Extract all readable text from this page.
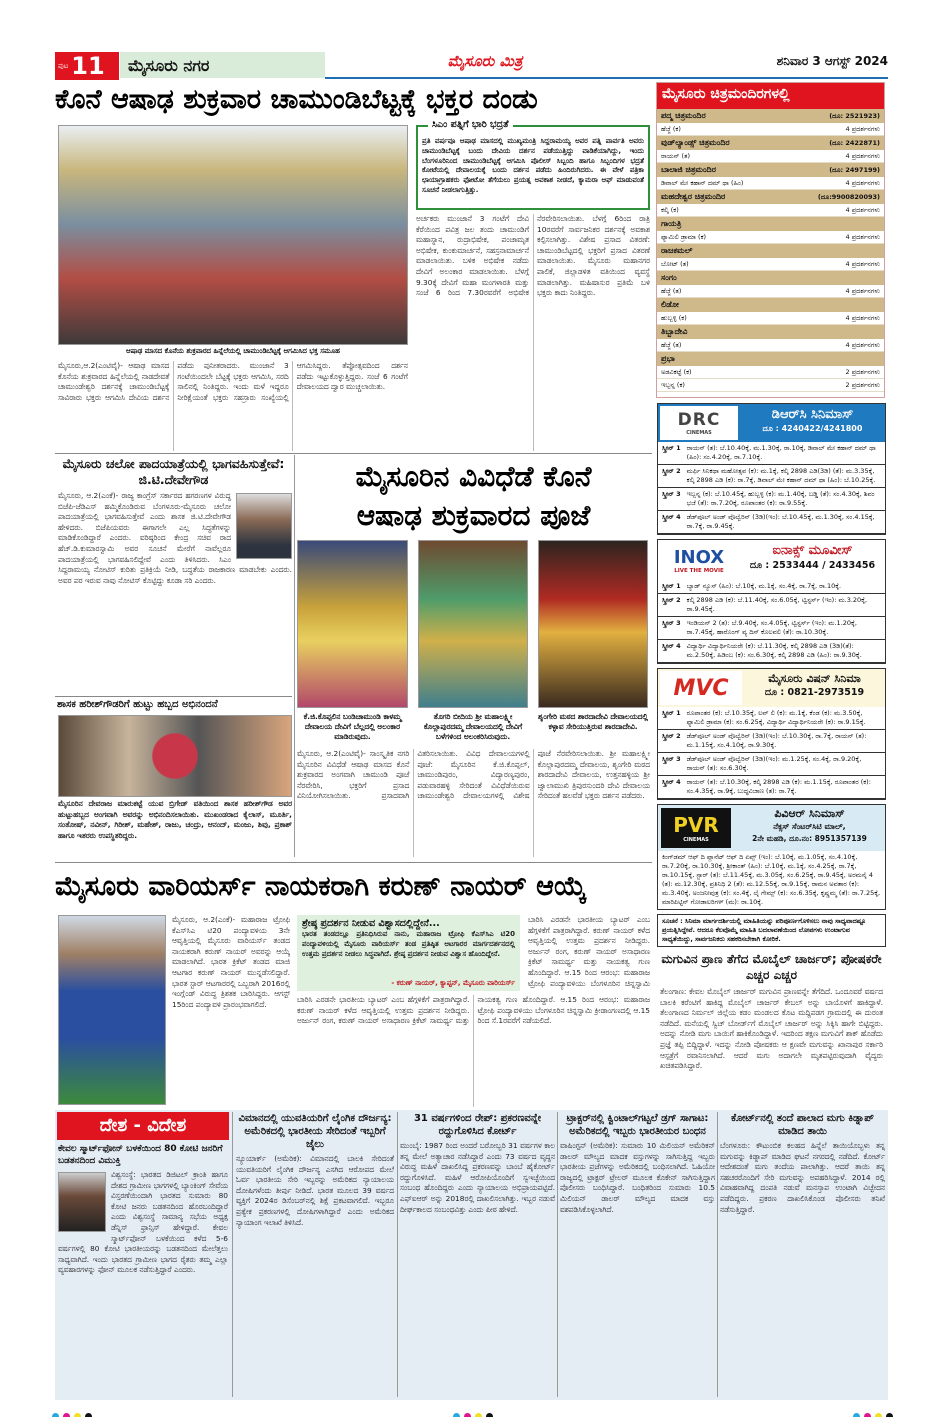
ಪುಟ 11	ಮೈಸೂರು ನಗರ	ಮೈಸೂರು ಮಿತ್ರ	ಶನಿವಾರ 3 ಆಗಸ್ಟ್ 2024
ಕೊನೆ ಆಷಾಢ ಶುಕ್ರವಾರ ಚಾಮುಂಡಿಬೆಟ್ಟಕ್ಕೆ ಭಕ್ತರ ದಂಡು
ಆಷಾಢ ಮಾಸದ ಕೊನೆಯ ಶುಕ್ರವಾರದ ಹಿನ್ನೆಲೆಯಲ್ಲಿ ಚಾಮುಂಡಿಬೆಟ್ಟಕ್ಕೆ ಆಗಮಿಸಿದ ಭಕ್ತ ಸಮೂಹ
ಪ್ರತಿ ವರ್ಷವೂ ಆಷಾಢ ಮಾಸದಲ್ಲಿ ಮುಖ್ಯಮಂತ್ರಿ ಸಿದ್ದರಾಮಯ್ಯ ಅವರ ಪತ್ನಿ ಪಾರ್ವತಿ ಅವರು ಚಾಮುಂಡಿಬೆಟ್ಟಕ್ಕೆ ಬಂದು ದೇವಿಯ ದರ್ಶನ ಪಡೆಯುತ್ತಿದ್ದು ವಾಡಿಕೆಯಾಗಿದ್ದು, ಇಂದು ಬೆಂಗಳೂರಿನಿಂದ ಚಾಮುಂಡಿಬೆಟ್ಟಕ್ಕೆ ಆಗಮಿಸಿ ಪೊಲೀಸ್ ಸಿಬ್ಬಂದಿ ಹಾಗೂ ಸಿಬ್ಬಂದಿಗಳ ಭದ್ರತೆ ಕೋಟೆಯಲ್ಲಿ ದೇವಾಲಯಕ್ಕೆ ಬಂದು ದರ್ಶನ ಪಡೆದು ಹಿಂದಿರುಗಿದರು. ಈ ವೇಳೆ ಪತ್ರಿಕಾ ಛಾಯಾಗ್ರಾಹಕರು ಫೋಟೋ ತೆಗೆಯಲು ಪ್ರಯತ್ನ ಅವಕಾಶ ನೀಡದೆ, ಕ್ಯಾಮರಾ ಆಫ್ ಮಾಡುವಂತೆ ಸೂಚನೆ ನೀಡಲಾಗುತ್ತಿತ್ತು.
ಸಿಎಂ ಪತ್ನಿಗೆ ಭಾರಿ ಭದ್ರತೆ
ಮೈಸೂರು,ಆ.2(ಎಂಟಿವೈ)- ಆಷಾಢ ಮಾಸದ ಕೊನೆಯ ಶುಕ್ರವಾರದ ಹಿನ್ನೆಲೆಯಲ್ಲಿ ನಾಡದೇವತೆ ಚಾಮುಂಡೇಶ್ವರಿ ದರ್ಶನಕ್ಕೆ ಚಾಮುಂಡಿಬೆಟ್ಟಕ್ಕೆ ಸಾವಿರಾರು ಭಕ್ತರು ಆಗಮಿಸಿ ದೇವಿಯ ದರ್ಶನ ಪಡೆದು ಪುನೀತರಾದರು. ಮುಂಜಾನೆ 3 ಗಂಟೆಯಿಂದಲೇ ಬೆಟ್ಟಕ್ಕೆ ಭಕ್ತರು ಆಗಮಿಸಿ, ಸರದಿ ಸಾಲಿನಲ್ಲಿ ನಿಂತಿದ್ದರು. ಇಂದು ಮಳೆ ಇದ್ದರೂ ನೀರಿಕ್ಷೆಯಂತೆ ಭಕ್ತರು ಸಹಸ್ರಾರು ಸಂಖ್ಯೆಯಲ್ಲಿ ಆಗಮಿಸಿದ್ದರು. ತೆಪ್ಪೋತ್ಸವದಿಂದ ದರ್ಶನ ಪಡೆದು ಇಟ್ಟುಕೊಳ್ಳುತ್ತಿದ್ದರು. ಸಂಜೆ 6 ಗಂಟೆಗೆ ದೇವಾಲಯದ ದ್ವಾರ ಮುಚ್ಚಲಾಯಿತು.
ಅರ್ಚಕರು ಮುಂಜಾನೆ 3 ಗಂಟೆಗೆ ದೇವಿ ಕೆರೆಯಿಂದ ಪವಿತ್ರ ಜಲ ತಂದು ಚಾಮುಂಡಿಗೆ ಮಹಾಸ್ನಾನ, ರುದ್ರಾಭಿಷೇಕ, ಪಂಚಾಮೃತ ಅಭಿಷೇಕ, ಕುಂಕುಮಾರ್ಚನೆ, ಸಹಸ್ರನಾಮಾರ್ಚನೆ ಮಾಡಲಾಯಿತು. ಬಳಿಕ ಅಭಿಷೇಕ ನಡೆದು ದೇವಿಗೆ ಅಲಂಕಾರ ಮಾಡಲಾಯಿತು. ಬೆಳಗ್ಗೆ 9.30ಕ್ಕೆ ದೇವಿಗೆ ಮಹಾ ಮಂಗಳಾರತಿ ಮತ್ತು ಸಂಜೆ 6 ರಿಂದ 7.30ರವರೆಗೆ ಅಭಿಷೇಕ ನೆರವೇರಿಸಲಾಯಿತು. ಬೆಳಗ್ಗೆ 6ರಿಂದ ರಾತ್ರಿ 10ರವರೆಗೆ ಸಾರ್ವಜನಿಕರ ದರ್ಶನಕ್ಕೆ ಅವಕಾಶ ಕಲ್ಪಿಸಲಾಗಿತ್ತು. ವಿಶೇಷ ಪ್ರಸಾದ ವಿತರಣೆ: ಚಾಮುಂಡಿಬೆಟ್ಟದಲ್ಲಿ ಭಕ್ತರಿಗೆ ಪ್ರಸಾದ ವಿತರಣೆ ಮಾಡಲಾಯಿತು. ಮೈಸೂರು ಮಹಾನಗರ ಪಾಲಿಕೆ, ಜಿಲ್ಲಾಡಳಿತ ವತಿಯಿಂದ ವ್ಯವಸ್ಥೆ ಮಾಡಲಾಗಿತ್ತು. ಮಹಿಷಾಸುರ ಪ್ರತಿಮೆ ಬಳಿ ಭಕ್ತರು ಕಾದು ನಿಂತಿದ್ದರು.
ಮೈಸೂರು ಚಲೋ ಪಾದಯಾತ್ರೆಯಲ್ಲಿ ಭಾಗವಹಿಸುತ್ತೇವೆ: ಜಿ.ಟಿ.ದೇವೇಗೌಡ
ಮೈಸೂರು, ಆ.2(ಎಂಕೆ)- ರಾಜ್ಯ ಕಾಂಗ್ರೆಸ್ ಸರ್ಕಾರದ ಹಗರಣಗಳ ವಿರುದ್ಧ ಬಿಜೆಪಿ-ಜೆಡಿಎಸ್ ಹಮ್ಮಿಕೊಂಡಿರುವ ಬೆಂಗಳೂರು-ಮೈಸೂರು ಚಲೋ ಪಾದಯಾತ್ರೆಯಲ್ಲಿ ಭಾಗವಹಿಸುತ್ತೇವೆ ಎಂದು ಶಾಸಕ ಜಿ.ಟಿ.ದೇವೇಗೌಡ ಹೇಳಿದರು. ಬಿಜೆಪಿಯವರು ಈಗಾಗಲೇ ಎಲ್ಲ ಸಿದ್ಧತೆಗಳನ್ನು ಮಾಡಿಕೊಂಡಿದ್ದಾರೆ ಎಂದರು. ವರಿಷ್ಠರಿಂದ ಕೇಂದ್ರ ಸಚಿವ ರಾದ ಹೆಚ್.ಡಿ.ಕುಮಾರಸ್ವಾಮಿ ಅವರ ಸೂಚನೆ ಮೇರೆಗೆ ನಾವೆಲ್ಲರೂ ಪಾದಯಾತ್ರೆಯಲ್ಲಿ ಭಾಗವಹಿಸಲಿದ್ದೇವೆ ಎಂದು ತಿಳಿಸಿದರು. ಸಿಎಂ ಸಿದ್ದರಾಮಯ್ಯ ನೋಟಿಸ್ ಕುರಿತು ಪ್ರತಿಕ್ರಿಯೆ ನೀಡಿ, ಬದ್ಧತೆಯ ರಾಜಕಾರಣ ಮಾಡಬೇಕು ಎಂದರು. ಅವರ ಪರ ಇರುವ ನಾವು ನೋಟಿಸ್ ಕೊಟ್ಟಿದ್ದು ಕೂಡಾ ಸರಿ ಎಂದರು.
ಶಾಸಕ ಹರೀಶ್‌ಗೌಡರಿಗೆ ಹುಟ್ಟು ಹಬ್ಬದ ಅಭಿನಂದನೆ
ಮೈಸೂರಿನ ದೇವರಾಜ ಮಾರುಕಟ್ಟೆ ಯುವ ಬ್ರಿಗೇಡ್ ವತಿಯಿಂದ ಶಾಸಕ ಹರೀಶ್‌ಗೌಡ ಅವರ ಹುಟ್ಟುಹಬ್ಬದ ಅಂಗವಾಗಿ ಅವರನ್ನು ಅಭಿನಂದಿಸಲಾಯಿತು. ಮುಖಂಡರಾದ ಕೈಲಾಸ್, ಮೂರ್ತಿ, ಸಂತೋಷ್, ನವೀನ್, ಗಿರೀಶ್, ಮಹೇಶ್, ರಾಜು, ಚಂದ್ರು, ಆನಂದ್, ಮಂಜು, ಶಿವು, ಪ್ರಕಾಶ್ ಹಾಗೂ ಇತರರು ಉಪಸ್ಥಿತರಿದ್ದರು.
ಮೈಸೂರಿನ ವಿವಿಧೆಡೆ ಕೊನೆ
ಆಷಾಢ ಶುಕ್ರವಾರದ ಪೂಜೆ
ಕೆ.ಜಿ.ಕೊಪ್ಪಲಿನ ಬಂಡಿಚಾಮುಂಡಿ ಕಾಳಮ್ಮ ದೇವಾಲಯ ದೇವಿಗೆ ಬೆಲ್ಲದಲ್ಲಿ ಅಲಂಕಾರ ಮಾಡಿರುವುದು.
ತೊಗರಿ ಬೀದಿಯ ಶ್ರೀ ಮಹಾಲಕ್ಷ್ಮೀ ಕೊಲ್ಲಾಪುರದಮ್ಮ ದೇವಾಲಯದಲ್ಲಿ ದೇವಿಗೆ ಬಳೆಗಳಿಂದ ಅಲಂಕರಿಸಿರುವುದು.
ಶೃಂಗೇರಿ ಮಠದ ಶಾರದಾದೇವಿ ದೇವಾಲಯದಲ್ಲಿ ಕಳ್ಳಾವ ಸೇರಿಯುತ್ತಿರುವ ಶಾರದಾದೇವಿ.
ಮೈಸೂರು, ಆ.2(ಎಂಟಿವೈ)- ಸಾಂಸ್ಕೃತಿಕ ನಗರಿ ಮೈಸೂರಿನ ವಿವಿಧೆಡೆ ಆಷಾಢ ಮಾಸದ ಕೊನೆ ಶುಕ್ರವಾರದ ಅಂಗವಾಗಿ ಚಾಮುಂಡಿ ಪೂಜೆ ನೆರವೇರಿಸಿ, ಭಕ್ತರಿಗೆ ಪ್ರಸಾದ ವಿನಿಯೋಗಿಸಲಾಯಿತು. ಪ್ರಸಾದವಾಗಿ ವಿತರಿಸಲಾಯಿತು. ವಿವಿಧ ದೇವಾಲಯಗಳಲ್ಲಿ ಪೂಜೆ: ಮೈಸೂರಿನ ಕೆ.ಜಿ.ಕೊಪ್ಪಲ್, ಚಾಮುಂಡಿಪುರಂ, ವಿದ್ಯಾರಣ್ಯಪುರಂ, ಪಡುವಾರಹಳ್ಳಿ ಸೇರಿದಂತೆ ವಿವಿಧೆಡೆಯಿರುವ ಚಾಮುಂಡೇಶ್ವರಿ ದೇವಾಲಯಗಳಲ್ಲಿ ವಿಶೇಷ ಪೂಜೆ ನೆರವೇರಿಸಲಾಯಿತು. ಶ್ರೀ ಮಹಾಲಕ್ಷ್ಮೀ ಕೊಲ್ಲಾಪುರದಮ್ಮ ದೇವಾಲಯ, ಶೃಂಗೇರಿ ಮಠದ ಶಾರದಾದೇವಿ ದೇವಾಲಯ, ಉತ್ತನಹಳ್ಳಿಯ ಶ್ರೀ ಜ್ವಾಲಾಮುಖಿ ತ್ರಿಪುರಸುಂದರಿ ದೇವಿ ದೇವಾಲಯ ಸೇರಿದಂತೆ ಹಲವೆಡೆ ಭಕ್ತರು ದರ್ಶನ ಪಡೆದರು.
ಮೈಸೂರು ವಾರಿಯರ್ಸ್ ನಾಯಕರಾಗಿ ಕರುಣ್ ನಾಯರ್ ಆಯ್ಕೆ
ಮೈಸೂರು, ಆ.2(ಎಂಕೆ)- ಮಹಾರಾಜ ಟ್ರೋಫಿ ಕೆಎಸ್‌ಸಿಎ ಟಿ20 ಪಂದ್ಯಾವಳಿಯ 3ನೇ ಆವೃತ್ತಿಯಲ್ಲಿ ಮೈಸೂರು ವಾರಿಯರ್ಸ್ ತಂಡದ ನಾಯಕರಾಗಿ ಕರುಣ್ ನಾಯರ್ ಅವರನ್ನು ಆಯ್ಕೆ ಮಾಡಲಾಗಿದೆ. ಭಾರತ ಕ್ರಿಕೆಟ್ ತಂಡದ ಮಾಜಿ ಆಟಗಾರ ಕರುಣ್ ನಾಯರ್ ಮುನ್ನಡೆಸಲಿದ್ದಾರೆ. ಭಾರತ ಸ್ಟಾರ್ ಆಟಗಾರರಲ್ಲಿ ಒಬ್ಬರಾಗಿ 2016ರಲ್ಲಿ ಇಂಗ್ಲೆಂಡ್ ವಿರುದ್ಧ ತ್ರಿಶತಕ ಬಾರಿಸಿದ್ದರು. ಆಗಸ್ಟ್ 15ರಿಂದ ಪಂದ್ಯಾವಳಿ ಪ್ರಾರಂಭವಾಗಲಿದೆ.
ಶ್ರೇಷ್ಠ ಪ್ರದರ್ಶನ ನೀಡುವ ವಿಶ್ವಾಸದಲ್ಲಿದ್ದೇನೆ...
ಭಾರತ ತಂಡದಲ್ಲೂ ಪ್ರತಿನಿಧಿಸಿರುವ ನಾನು, ಮಹಾರಾಜ ಟ್ರೋಫಿ ಕೆಎಸ್‌ಸಿಎ ಟಿ20 ಪಂದ್ಯಾವಳಿಯಲ್ಲಿ ಮೈಸೂರು ವಾರಿಯರ್ಸ್ ತಂಡ ಪ್ರತಿಷ್ಠಿತ ಆಟಗಾರರ ಮಾರ್ಗದರ್ಶನದಲ್ಲಿ ಉತ್ತಮ ಪ್ರದರ್ಶನ ನೀಡಲು ಸಿದ್ಧವಾಗಿದೆ. ಶ್ರೇಷ್ಠ ಪ್ರದರ್ಶನ ನೀಡುವ ವಿಶ್ವಾಸ ಹೊಂದಿದ್ದೇನೆ.
- ಕರುಣ್ ನಾಯರ್, ಕ್ಯಾಪ್ಟನ್, ಮೈಸೂರು ವಾರಿಯರ್ಸ್
ಬಾರಿಸಿ ಎರಡನೇ ಭಾರತೀಯ ಬ್ಯಾಟರ್ ಎಂಬ ಹೆಗ್ಗಳಿಕೆಗೆ ಪಾತ್ರರಾಗಿದ್ದಾರೆ. ಕರುಣ್ ನಾಯರ್ ಕಳೆದ ಆವೃತ್ತಿಯಲ್ಲಿ ಉತ್ತಮ ಪ್ರದರ್ಶನ ನೀಡಿದ್ದರು. ಅರ್ಜುನ್ ರಂಗ, ಕರುಣ್ ನಾಯರ್ ಅಸಾಧಾರಣ ಕ್ರಿಕೆಟ್ ಸಾಮರ್ಥ್ಯ ಮತ್ತು ನಾಯಕತ್ವ ಗುಣ ಹೊಂದಿದ್ದಾರೆ. ಆ.15 ರಿಂದ ಆರಂಭ: ಮಹಾರಾಜ ಟ್ರೋಫಿ ಪಂದ್ಯಾವಳಿಯು ಬೆಂಗಳೂರಿನ ಚಿನ್ನಸ್ವಾಮಿ
ಬಾರಿಸಿ ಎರಡನೇ ಭಾರತೀಯ ಬ್ಯಾಟರ್ ಎಂಬ ಹೆಗ್ಗಳಿಕೆಗೆ ಪಾತ್ರರಾಗಿದ್ದಾರೆ. ಕರುಣ್ ನಾಯರ್ ಕಳೆದ ಆವೃತ್ತಿಯಲ್ಲಿ ಉತ್ತಮ ಪ್ರದರ್ಶನ ನೀಡಿದ್ದರು. ಅರ್ಜುನ್ ರಂಗ, ಕರುಣ್ ನಾಯರ್ ಅಸಾಧಾರಣ ಕ್ರಿಕೆಟ್ ಸಾಮರ್ಥ್ಯ ಮತ್ತು ನಾಯಕತ್ವ ಗುಣ ಹೊಂದಿದ್ದಾರೆ. ಆ.15 ರಿಂದ ಆರಂಭ: ಮಹಾರಾಜ ಟ್ರೋಫಿ ಪಂದ್ಯಾವಳಿಯು ಬೆಂಗಳೂರಿನ ಚಿನ್ನಸ್ವಾಮಿ ಕ್ರೀಡಾಂಗಣದಲ್ಲಿ ಆ.15 ರಿಂದ ಸೆ.1ರವರೆಗೆ ನಡೆಯಲಿದೆ.
ಮೈಸೂರು ಚಿತ್ರಮಂದಿರಗಳಲ್ಲಿ
ಪದ್ಮ ಚಿತ್ರಮಂದಿರ	(ದೂ: 2521923)
ಹೆಜ್ಜೆ (ಕ)	4 ಪ್ರದರ್ಶನಗಳು
ವುಡ್‌ಲ್ಯಾಂಡ್ಸ್ ಚಿತ್ರಮಂದಿರ	(ದೂ: 2422871)
ರಾಯನ್ (ತ)	4 ಪ್ರದರ್ಶನಗಳು
ಬಾಲಾಜಿ ಚಿತ್ರಮಂದಿರ	(ದೂ: 2497199)
ಡಿವಾಲ್ ಮೇ ಕಹಾನ್ ದಮ್ ಥಾ (ಹಿಂ)	4 ಪ್ರದರ್ಶನಗಳು
ಮಹದೇಶ್ವರ ಚಿತ್ರಮಂದಿರ	(ದೂ:9900820093)
ಕಲ್ಕಿ (ಕ)	4 ಪ್ರದರ್ಶನಗಳು
ಗಾಯತ್ರಿ
ಫ್ಯಾಮಿಲಿ ಡ್ರಾಮಾ (ಕ)	4 ಪ್ರದರ್ಶನಗಳು
ರಾಜಕಮಲ್
ಬೋಟ್ (ತ)	4 ಪ್ರದರ್ಶನಗಳು
ಸಂಗಂ
ಹೆಜ್ಜೆ (ತ)	4 ಪ್ರದರ್ಶನಗಳು
ಲಿಡೋ
ಹುಬ್ಬಳ್ಳಿ (ಕ)	4 ಪ್ರದರ್ಶನಗಳು
ತಿಬ್ಬಾದೇವಿ
ಹೆಜ್ಜೆ (ತ)	4 ಪ್ರದರ್ಶನಗಳು
ಪ್ರಭಾ
ಅಡವಿಕಟ್ಟೆ (ಕ)	2 ಪ್ರದರ್ಶನಗಳು
ಇಬ್ಬನ್ನ (ಕ)	2 ಪ್ರದರ್ಶನಗಳು
DRC
CINEMAS
ಡಿಆರ್‌ಸಿ ಸಿನಿಮಾಸ್
ದೂ : 4240422/4241800
ಸ್ಕ್ರೀನ್ 1 ರಾಯನ್ (ತ): ಬೆ.10.40ಕ್ಕೆ, ಮ.1.30ಕ್ಕೆ, ರಾ.10ಕ್ಕೆ, ಡಿವಾಲ್ ಮೇ ಕಹಾನ್ ದಮ್ ಥಾ (ಹಿಂ): ಸಂ.4.20ಕ್ಕೆ, ರಾ.7.10ಕ್ಕೆ.
ಸ್ಕ್ರೀನ್ 2 ಮರ್ಫಿ ಸಿನಿಕಥಾ ಮಹೋತ್ಸವ (ಕ): ಮ.1ಕ್ಕೆ, ಕಲ್ಕಿ 2898 ಎಡಿ(3ಡಿ) (ತೆ): ಮ.3.35ಕ್ಕೆ, ಕಲ್ಕಿ 2898 ಎಡಿ (ಕ): ರಾ.7ಕ್ಕೆ, ಡಿವಾಲ್ ಮೇ ಕಹಾನ್ ದಮ್ ಥಾ (ಹಿಂ): ಬೆ.10.25ಕ್ಕೆ.
ಸ್ಕ್ರೀನ್ 3 ಇಬ್ಬನ್ನ (ಕ): ಬೆ.10.45ಕ್ಕೆ, ಹುಬ್ಬಳ್ಳಿ (ಕ): ಮ.1.40ಕ್ಕೆ, ಬಡ್ಡಿ (ತೆ): ಸಂ.4.30ಕ್ಕೆ, ಶಿವಂ ಭಜೆ (ತೆ): ರಾ.7.20ಕ್ಕೆ, ರೂಪಾಂತರ (ಕ): ರಾ.9.55ಕ್ಕೆ.
ಸ್ಕ್ರೀನ್ 4 ಡೆಡ್‌ಪೂಲ್ ಅಂಡ್ ವೊಲ್ವೆರಿನ್ (3ಡಿ)(ಇಂ): ಬೆ.10.45ಕ್ಕೆ, ಮ.1.30ಕ್ಕೆ, ಸಂ.4.15ಕ್ಕೆ, ರಾ.7ಕ್ಕೆ, ರಾ.9.45ಕ್ಕೆ.
INOX
LIVE THE MOVIE
ಐನಾಕ್ಸ್ ಮೂವೀಸ್
ದೂ : 2533444 / 2433456
ಸ್ಕ್ರೀನ್ 1 ಬ್ಯಾಡ್ ನ್ಯೂಸ್ (ಹಿಂ): ಬೆ.10ಕ್ಕೆ, ಮ.1ಕ್ಕೆ, ಸಂ.4ಕ್ಕೆ, ರಾ.7ಕ್ಕೆ, ರಾ.10ಕ್ಕೆ.
ಸ್ಕ್ರೀನ್ 2 ಕಲ್ಕಿ 2898 ಎಡಿ (ಕ): ಬೆ.11.40ಕ್ಕೆ, ಸಂ.6.05ಕ್ಕೆ, ಟ್ವಿಸ್ಟರ್ಸ್ (ಇಂ): ಮ.3.20ಕ್ಕೆ, ರಾ.9.45ಕ್ಕೆ.
ಸ್ಕ್ರೀನ್ 3 ಇಂಡಿಯನ್ 2 (ತ): ಬೆ.9.40ಕ್ಕೆ, ಸಂ.4.05ಕ್ಕೆ, ಟ್ವಿಸ್ಟರ್ಸ್ (ಇಂ): ಮ.1.20ಕ್ಕೆ, ರಾ.7.45ಕ್ಕೆ, ಹಾರೊಂಗ್ ವ್ಯ ದಿಸ್ ಕೊಲವಲಿ (ತೆ): ರಾ.10.30ಕ್ಕೆ.
ಸ್ಕ್ರೀನ್ 4 ವಿದ್ಯಾರ್ಥಿ ವಿದ್ಯಾರ್ಥಿನಿಯರೇ (ಕ): ಬೆ.11.30ಕ್ಕೆ, ಕಲ್ಕಿ 2898 ಎಡಿ (3ಡಿ)(ತೆ): ಮ.2.50ಕ್ಕೆ, ಹಿಡಿಂಬ (ಕ): ಸಂ.6.30ಕ್ಕೆ, ಕಲ್ಕಿ 2898 ಎಡಿ (ಹಿಂ): ರಾ.9.30ಕ್ಕೆ.
MVC	ಮೈಸೂರು ವಿಷನ್ ಸಿನಿಮಾ
ದೂ : 0821-2973519
ಸ್ಕ್ರೀನ್ 1 ರೂಪಾಂತರ (ಕ): ಬೆ.10.35ಕ್ಕೆ, ಲವ್ ಲಿ (ಕ): ಮ.1ಕ್ಕೆ, ಕೆಂಡ (ಕ): ಮ.3.50ಕ್ಕೆ, ಫ್ಯಾಮಿಲಿ ಡ್ರಾಮಾ (ಕ): ಸಂ.6.25ಕ್ಕೆ, ವಿದ್ಯಾರ್ಥಿ ವಿದ್ಯಾರ್ಥಿನಿಯರೇ (ಕ): ರಾ.9.15ಕ್ಕೆ.
ಸ್ಕ್ರೀನ್ 2 ಡೆಡ್‌ಪೂಲ್ ಅಂಡ್ ವೊಲ್ವೆರಿನ್ (3ಡಿ)(ಇಂ): ಬೆ.10.30ಕ್ಕೆ, ರಾ.7ಕ್ಕೆ, ರಾಯನ್ (ತ): ಮ.1.15ಕ್ಕೆ, ಸಂ.4.10ಕ್ಕೆ, ರಾ.9.30ಕ್ಕೆ.
ಸ್ಕ್ರೀನ್ 3 ಡೆಡ್‌ಪೂಲ್ ಅಂಡ್ ವೊಲ್ವೆರಿನ್ (3ಡಿ)(ಇಂ): ಮ.1.25ಕ್ಕೆ, ಸಂ.4ಕ್ಕೆ, ರಾ.9.20ಕ್ಕೆ, ರಾಯನ್ (ತ): ಸಂ.6.30ಕ್ಕೆ.
ಸ್ಕ್ರೀನ್ 4 ರಾಯನ್ (ತ): ಬೆ.10.30ಕ್ಕೆ, ಕಲ್ಕಿ 2898 ಎಡಿ (ಕ): ಮ.1.15ಕ್ಕೆ, ರೂಪಾಂತರ (ಕ): ಸಂ.4.35ಕ್ಕೆ, ರಾ.9ಕ್ಕೆ, ಬುದ್ಧವಿಜಾಣ (ತ): ರಾ.7ಕ್ಕೆ.
PVR
CINEMAS
ಪಿವಿಆರ್ ಸಿನಿಮಾಸ್
ನೆಕ್ಸಸ್ ಸೆಂಟರ್‌ಸಿಟಿ ಮಾಲ್,
2ನೇ ಮಹಡಿ, ದೂ.ನಂ: 8951357139
ಕಿಂಗ್‌ಡಮ್ ಆಫ್ ದಿ ಪ್ಲಾನೆಟ್ ಆಫ್ ದಿ ಏಪ್ಸ್ (ಇಂ): ಬೆ.10ಕ್ಕೆ, ಮ.1.05ಕ್ಕೆ, ಸಂ.4.10ಕ್ಕೆ, ರಾ.7.20ಕ್ಕೆ, ರಾ.10.30ಕ್ಕೆ, ಶ್ರೀಕಾಂತ್ (ಹಿಂ): ಬೆ.10ಕ್ಕೆ, ಮ.1ಕ್ಕೆ, ಸಂ.4.25ಕ್ಕೆ, ರಾ.7ಕ್ಕೆ, ರಾ.10.15ಕ್ಕೆ, ಸ್ಟಾರ್ (ತ): ಬೆ.11.45ಕ್ಕೆ, ಮ.3.05ಕ್ಕೆ, ಸಂ.6.25ಕ್ಕೆ, ರಾ.9.45ಕ್ಕೆ, ಅರಮನೈ 4 (ತ): ಮ.12.30ಕ್ಕೆ, ಪ್ರತಿನಿಧಿ 2 (ತೆ): ಮ.12.55ಕ್ಕೆ, ರಾ.9.15ಕ್ಕೆ, ರಾಮನ ಅವತಾರ (ಕ): ಮ.3.40ಕ್ಕೆ, ಅಂಜನೀಪುತ್ರ (ಕ): ಸಂ.4ಕ್ಕೆ, ಲೈ ಗೇಮ್ಸ್ (ಕ): ಸಂ.6.35ಕ್ಕೆ, ಕೃಷ್ಣಮ್ಮ (ತೆ): ರಾ.7.25ಕ್ಕೆ, ಮಾರಿಪಿಟ್ಟಿನ್ ಗೋಡಾಲರಿಗಳ್ (ಮ): ರಾ.10ಕ್ಕೆ.
ಸೂಚನೆ : ಸಿನಿಮಾ ಮಾರ್ಗದರ್ಶಿಯಲ್ಲಿ ಮಾಹಿತಿಯನ್ನು ಪರಿಪೂರ್ಣಗೊಳಿಸಲು ನಾವು ಸಾಧ್ಯವಾದಷ್ಟೂ ಪ್ರಯತ್ನಿಸಿದ್ದೇವೆ. ಆದರೂ ಕೆಲವೊಮ್ಮೆ ಮಾಹಿತಿ ಬದಲಾವಣೆಯಿಂದ ಲೋಪಗಳು ಉಂಟಾಗುವ ಸಾಧ್ಯತೆಯಿದ್ದು, ಸಾರ್ವಜನಿಕರು ಸಹಕರಿಸಬೇಕಾಗಿ ಕೋರಿಕೆ.
ಮಗುವಿನ ಪ್ರಾಣ ತೆಗೆದ ಮೊಬೈಲ್ ಚಾರ್ಜರ್; ಪೋಷಕರೇ ಎಚ್ಚರ ಎಚ್ಚರ
ತೆಲಂಗಾಣ: ಕೇವಲ ಮೊಬೈಲ್ ಚಾರ್ಜರ್ ಮಗುವಿನ ಪ್ರಾಣವನ್ನೇ ತೆಗೆದಿದೆ. ಒಂದೂವರೆ ವರ್ಷದ ಬಾಲಕಿ ಕರೆಂಟಿಗೆ ಹಾಕಿದ್ದ ಮೊಬೈಲ್ ಚಾರ್ಜರ್ ಕೇಬಲ್ ಅನ್ನು ಬಾಯೊಳಗೆ ಹಾಕಿದ್ದಾಳೆ. ತೆಲಂಗಾಣದ ನಿರ್ಮಲ್ ಜಿಲ್ಲೆಯ ಕಡಂ ಮಂಡಲದ ಕೊಟ ಮದ್ದಿಪಡಗ ಗ್ರಾಮದಲ್ಲಿ ಈ ದುರಂತ ನಡೆದಿದೆ. ಮನೆಯಲ್ಲಿ ಸ್ವಿಚ್ ಬೋರ್ಡ್‌ಗೆ ಮೊಬೈಲ್ ಚಾರ್ಜರ್ ಅನ್ನು ಸಿಕ್ಕಿಸಿ ಹಾಗೇ ಬಿಟ್ಟಿದ್ದರು. ಅದನ್ನು ನೋಡಿ ಮಗು ಬಾಯಿಗೆ ಹಾಕಿಕೊಂಡಿದ್ದಾಳೆ. ಇದರಿಂದ ತಕ್ಷಣ ಮಗುವಿಗೆ ಶಾಕ್ ಹೊಡೆದು ಪ್ರಜ್ಞೆ ತಪ್ಪಿ ಬಿದ್ದಿದ್ದಾಳೆ. ಇದನ್ನು ನೋಡಿ ಪೋಷಕರು ಆ ಕ್ಷಣವೇ ಮಗುವನ್ನು ಖಾನಾಪುರ ಸರ್ಕಾರಿ ಆಸ್ಪತ್ರೆಗೆ ರವಾನಿಸಲಾಗಿದೆ. ಆದರೆ ಮಗು ಅದಾಗಲೇ ಮೃತಪಟ್ಟಿರುವುದಾಗಿ ವೈದ್ಯರು ಖಚಿತಪಡಿಸಿದ್ದಾರೆ.
ದೇಶ - ವಿದೇಶ
ಕೇವಲ ಸ್ಮಾರ್ಟ್‌ಫೋನ್ ಬಳಕೆಯಿಂದ 80 ಕೋಟಿ ಜನರಿಗೆ ಬಡತನದಿಂದ ವಿಮುಕ್ತಿ
ವಿಶ್ವಸಂಸ್ಥೆ: ಭಾರತದ ಡಿಜಿಟಲ್ ಕ್ರಾಂತಿ ಹಾಗೂ ದೇಶದ ಗ್ರಾಮೀಣ ಭಾಗಗಳಲ್ಲಿ ಬ್ಯಾಂಕಿಂಗ್ ಸೇವೆಯ ವಿಸ್ತರಣೆಯಿಂದಾಗಿ ಭಾರತದ ಸುಮಾರು 80 ಕೋಟಿ ಜನರು ಬಡತನದಿಂದ ಹೊರಬಂದಿದ್ದಾರೆ ಎಂದು ವಿಶ್ವಸಂಸ್ಥೆ ಸಾಮಾನ್ಯ ಸಭೆಯ ಅಧ್ಯಕ್ಷ ಡೆನ್ನಿಸ್ ಫ್ರಾನ್ಸಿಸ್ ಹೇಳಿದ್ದಾರೆ. ಕೇವಲ ಸ್ಮಾರ್ಟ್‌ಫೋನ್ ಬಳಕೆಯಿಂದ ಕಳೆದ 5-6 ವರ್ಷಗಳಲ್ಲಿ 80 ಕೋಟಿ ಭಾರತೀಯರನ್ನು ಬಡತನದಿಂದ ಮೇಲೆತ್ತಲು ಸಾಧ್ಯವಾಗಿದೆ. ಇಂದು ಭಾರತದ ಗ್ರಾಮೀಣ ಭಾಗದ ರೈತರು ತಮ್ಮ ಎಲ್ಲಾ ವ್ಯವಹಾರಗಳನ್ನು ಫೋನ್ ಮೂಲಕ ನಡೆಸುತ್ತಿದ್ದಾರೆ ಎಂದರು.
ವಿಮಾನದಲ್ಲಿ ಯುವತಿಯರಿಗೆ ಲೈಂಗಿಕ ದೌರ್ಜನ್ಯ: ಅಮೆರಿಕದಲ್ಲಿ ಭಾರತೀಯ ಸೇರಿದಂತೆ ಇಬ್ಬರಿಗೆ ಜೈಲು
ನ್ಯೂಯಾರ್ಕ್ (ಅಮೆರಿಕ): ವಿಮಾನದಲ್ಲಿ ಬಾಲಕಿ ಸೇರಿದಂತೆ ಯುವತಿಯರಿಗೆ ಲೈಂಗಿಕ ದೌರ್ಜನ್ಯ ಎಸಗಿದ ಆರೋಪದ ಮೇಲೆ ಓರ್ವ ಭಾರತೀಯ ಸೇರಿ ಇಬ್ಬರನ್ನು ಅಮೆರಿಕದ ನ್ಯಾಯಾಲಯ ದೋಷಿಗಳೆಂದು ತೀರ್ಪು ನೀಡಿದೆ. ಭಾರತ ಮೂಲದ 39 ವರ್ಷದ ವ್ಯಕ್ತಿಗೆ 2024ರ ಡಿಸೆಂಬರ್‌ನಲ್ಲಿ ಶಿಕ್ಷೆ ಪ್ರಕಟವಾಗಲಿದೆ. ಇಬ್ಬರೂ ಪ್ರತ್ಯೇಕ ಪ್ರಕರಣಗಳಲ್ಲಿ ದೋಷಿಗಳಾಗಿದ್ದಾರೆ ಎಂದು ಅಮೆರಿಕದ ನ್ಯಾಯಾಂಗ ಇಲಾಖೆ ತಿಳಿಸಿದೆ.
31 ವರ್ಷಗಳಿಂದ ರೇಪ್: ಪ್ರಕರಣವನ್ನೇ ರದ್ದುಗೊಳಿಸಿದ ಕೋರ್ಟ್
ಮುಂಬೈ: 1987 ರಿಂದ ಅಂದರೆ ಬರೋಬ್ಬರಿ 31 ವರ್ಷಗಳ ಕಾಲ ತನ್ನ ಮೇಲೆ ಅತ್ಯಾಚಾರ ನಡೆಸಿದ್ದಾರೆ ಎಂದು 73 ವರ್ಷದ ವೃದ್ಧನ ವಿರುದ್ಧ ಮಹಿಳೆ ದಾಖಲಿಸಿದ್ದ ಪ್ರಕರಣವನ್ನು ಬಾಂಬೆ ಹೈಕೋರ್ಟ್ ರದ್ದುಗೊಳಿಸಿದೆ. ಮಹಿಳೆ ಆರೋಪಿಯೊಂದಿಗೆ ಸ್ವಇಚ್ಛೆಯಿಂದ ಸಂಬಂಧ ಹೊಂದಿದ್ದರು ಎಂದು ನ್ಯಾಯಾಲಯ ಅಭಿಪ್ರಾಯಪಟ್ಟಿದೆ. ಎಫ್‌ಐಆರ್ ಅನ್ನು 2018ರಲ್ಲಿ ದಾಖಲಿಸಲಾಗಿತ್ತು. ಇಬ್ಬರ ನಡುವೆ ದೀರ್ಘಕಾಲದ ಸಂಬಂಧವಿತ್ತು ಎಂದು ಪೀಠ ಹೇಳಿದೆ.
ಟ್ರಾಕ್ಟರ್‌ನಲ್ಲಿ ಕ್ವಿಂಟಾಲ್‌ಗಟ್ಟಲೆ ಡ್ರಗ್ ಸಾಗಾಟ: ಅಮೆರಿಕದಲ್ಲಿ ಇಬ್ಬರು ಭಾರತೀಯರ ಬಂಧನ
ವಾಷಿಂಗ್ಟನ್ (ಅಮೆರಿಕ): ಸುಮಾರು 10 ಮಿಲಿಯನ್ ಅಮೆರಿಕನ್ ಡಾಲರ್ ಮೌಲ್ಯದ ಮಾದಕ ವಸ್ತುಗಳನ್ನು ಸಾಗಿಸುತ್ತಿದ್ದ ಇಬ್ಬರು ಭಾರತೀಯ ಪ್ರಜೆಗಳನ್ನು ಅಮೆರಿಕದಲ್ಲಿ ಬಂಧಿಸಲಾಗಿದೆ. ಓಹಿಯೋ ರಾಜ್ಯದಲ್ಲಿ ಟ್ರಾಕ್ಟರ್ ಟ್ರೇಲರ್ ಮೂಲಕ ಕೊಕೇನ್ ಸಾಗಿಸುತ್ತಿದ್ದಾಗ ಪೊಲೀಸರು ಬಂಧಿಸಿದ್ದಾರೆ. ಬಂಧಿತರಿಂದ ಸುಮಾರು 10.5 ಮಿಲಿಯನ್ ಡಾಲರ್ ಮೌಲ್ಯದ ಮಾದಕ ವಸ್ತು ವಶಪಡಿಸಿಕೊಳ್ಳಲಾಗಿದೆ.
ಕೋರ್ಟ್‌ನಲ್ಲಿ ತಂದೆ ಪಾಲಾದ ಮಗು ಕಿಡ್ನಾಪ್ ಮಾಡಿದ ತಾಯಿ
ಬೆಂಗಳೂರು: ಕೌಟುಂಬಿಕ ಕಲಹದ ಹಿನ್ನೆಲೆ ತಾಯಿಯೊಬ್ಬಳು ತನ್ನ ಮಗುವನ್ನು ಕಿಡ್ನಾಪ್ ಮಾಡಿದ ಘಟನೆ ನಗರದಲ್ಲಿ ನಡೆದಿದೆ. ಕೋರ್ಟ್ ಆದೇಶದಂತೆ ಮಗು ತಂದೆಯ ಪಾಲಾಗಿತ್ತು. ಆದರೆ ತಾಯಿ ತನ್ನ ಸಹಚರರೊಂದಿಗೆ ಸೇರಿ ಮಗುವನ್ನು ಅಪಹರಿಸಿದ್ದಾಳೆ. 2014 ರಲ್ಲಿ ವಿವಾಹವಾಗಿದ್ದ ದಂಪತಿ ನಡುವೆ ಮನಸ್ತಾಪ ಉಂಟಾಗಿ ವಿಚ್ಛೇದನ ಪಡೆದಿದ್ದರು. ಪ್ರಕರಣ ದಾಖಲಿಸಿಕೊಂಡ ಪೊಲೀಸರು ತನಿಖೆ ನಡೆಸುತ್ತಿದ್ದಾರೆ.
